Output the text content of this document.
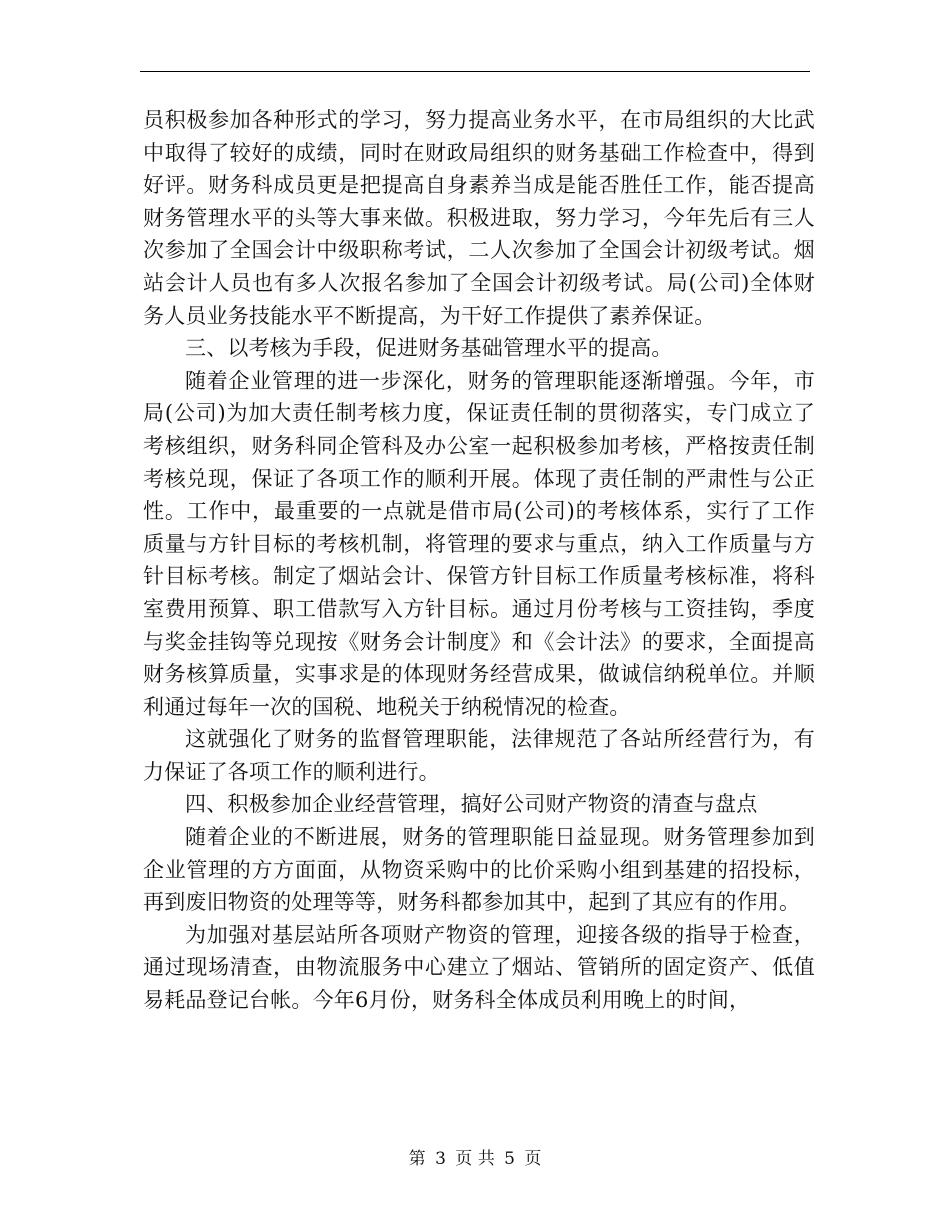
员积极参加各种形式的学习，努力提高业务水平，在市局组织的大比武中取得了较好的成绩，同时在财政局组织的财务基础工作检查中，得到好评。财务科成员更是把提高自身素养当成是能否胜任工作，能否提高财务管理水平的头等大事来做。积极进取，努力学习，今年先后有三人次参加了全国会计中级职称考试，二人次参加了全国会计初级考试。烟站会计人员也有多人次报名参加了全国会计初级考试。局(公司)全体财务人员业务技能水平不断提高，为干好工作提供了素养保证。

三、以考核为手段，促进财务基础管理水平的提高。

随着企业管理的进一步深化，财务的管理职能逐渐增强。今年，市局(公司)为加大责任制考核力度，保证责任制的贯彻落实，专门成立了考核组织，财务科同企管科及办公室一起积极参加考核，严格按责任制考核兑现，保证了各项工作的顺利开展。体现了责任制的严肃性与公正性。工作中，最重要的一点就是借市局(公司)的考核体系，实行了工作质量与方针目标的考核机制，将管理的要求与重点，纳入工作质量与方针目标考核。制定了烟站会计、保管方针目标工作质量考核标准，将科室费用预算、职工借款写入方针目标。通过月份考核与工资挂钩，季度与奖金挂钩等兑现按《财务会计制度》和《会计法》的要求，全面提高财务核算质量，实事求是的体现财务经营成果，做诚信纳税单位。并顺利通过每年一次的国税、地税关于纳税情况的检查。

这就强化了财务的监督管理职能，法律规范了各站所经营行为，有力保证了各项工作的顺利进行。

四、积极参加企业经营管理，搞好公司财产物资的清查与盘点

随着企业的不断进展，财务的管理职能日益显现。财务管理参加到企业管理的方方面面，从物资采购中的比价采购小组到基建的招投标，再到废旧物资的处理等等，财务科都参加其中，起到了其应有的作用。

为加强对基层站所各项财产物资的管理，迎接各级的指导于检查，通过现场清查，由物流服务中心建立了烟站、管销所的固定资产、低值易耗品登记台帐。今年6月份，财务科全体成员利用晚上的时间，

第 3 页 共 5 页
